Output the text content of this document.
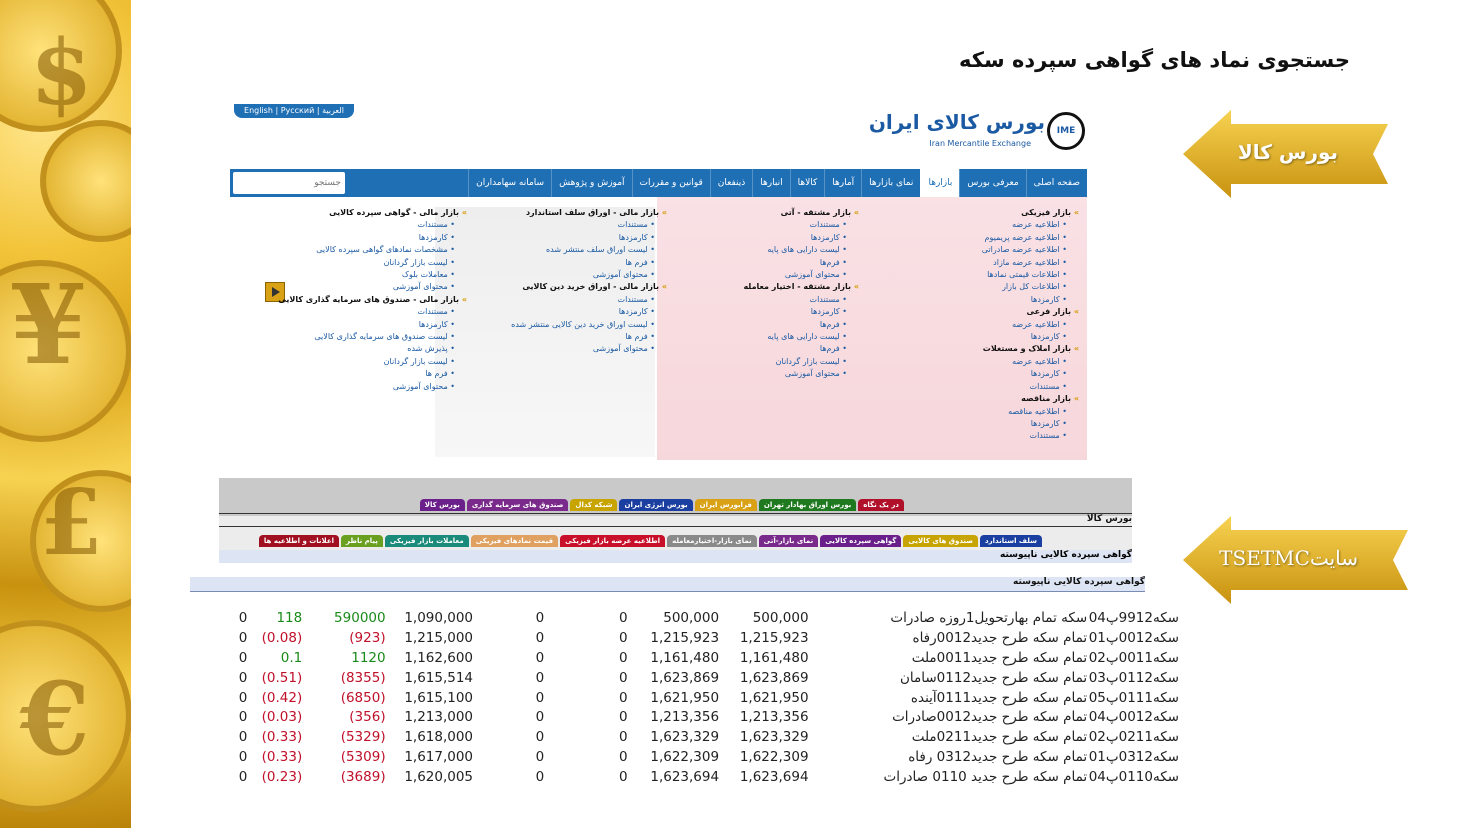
$
¥
£
€
جستجوی نماد های گواهی سپرده سکه
بورس کالا
سایتTSETMC
English | Русский | العربية
IME
بورس کالای ایران
Iran Mercantile Exchange
جستجو
صفحه اصلی
معرفی بورس
بازارها
نمای بازارها
آمارها
کالاها
انبارها
ذینفعان
قوانین و مقررات
آموزش و پژوهش
سامانه سهامداران
» بازار فیزیکی
• اطلاعیه عرضه
• اطلاعیه عرضه پریمیوم
• اطلاعیه عرضه صادراتی
• اطلاعیه عرضه مازاد
• اطلاعات قیمتی نمادها
• اطلاعات کل بازار
• کارمزدها
» بازار فرعی
• اطلاعیه عرضه
• کارمزدها
» بازار املاک و مستغلات
• اطلاعیه عرضه
• کارمزدها
• مستندات
» بازار مناقصه
• اطلاعیه مناقصه
• کارمزدها
• مستندات
» بازار مشتقه - آتی
• مستندات
• کارمزدها
• لیست دارایی های پایه
• فرم‌ها
• محتوای آموزشی
» بازار مشتقه - اختیار معامله
• مستندات
• کارمزدها
• فرم‌ها
• لیست دارایی های پایه
• فرم‌ها
• لیست بازار گردانان
• محتوای آموزشی
» بازار مالی - اوراق سلف استاندارد
• مستندات
• کارمزدها
• لیست اوراق سلف منتشر شده
• فرم ها
• محتوای آموزشی
» بازار مالی - اوراق خرید دین کالایی
• مستندات
• کارمزدها
• لیست اوراق خرید دین کالایی منتشر شده
• فرم ها
• محتوای آموزشی
» بازار مالی - گواهی سپرده کالایی
• مستندات
• کارمزدها
• مشخصات نمادهای گواهی سپرده کالایی
• لیست بازار گردانان
• معاملات بلوک
• محتوای آموزشی
» بازار مالی - صندوق های سرمایه گذاری کالایی
• مستندات
• کارمزدها
• لیست صندوق های سرمایه گذاری کالایی
• پذیرش شده
• لیست بازار گردانان
• فرم ها
• محتوای آموزشی
در یک نگاه
بورس اوراق بهادار تهران
فرابورس ایران
بورس انرژی ایران
شبکه کدال
صندوق های سرمایه گذاری
بورس کالا
بورس کالا
سلف استاندارد
صندوق های کالایی
گواهی سپرده کالایی
نمای بازار-آتی
نمای بازار-اختیارمعامله
اطلاعیه عرضه بازار فیزیکی
قیمت نمادهای فیزیکی
معاملات بازار فیزیکی
پیام ناظر
اعلانات و اطلاعیه ها
گواهی سپرده کالایی ناپیوسته
گواهی سپرده کالایی ناپیوسته
0	118	590000	1,090,000	0	0	500,000	500,000	سکه تمام بهارتحویل1روزه صادرات	سکه9912پ04
0	(0.08)	(923)	1,215,000	0	0	1,215,923	1,215,923	تمام سکه طرح جدید0012رفاه	سکه0012پ01
0	0.1	1120	1,162,600	0	0	1,161,480	1,161,480	تمام سکه طرح جدید0011ملت	سکه0011پ02
0	(0.51)	(8355)	1,615,514	0	0	1,623,869	1,623,869	تمام سکه طرح جدید0112سامان	سکه0112پ03
0	(0.42)	(6850)	1,615,100	0	0	1,621,950	1,621,950	تمام سکه طرح جدید0111آینده	سکه0111پ05
0	(0.03)	(356)	1,213,000	0	0	1,213,356	1,213,356	تمام سکه طرح جدید0012صادرات	سکه0012پ04
0	(0.33)	(5329)	1,618,000	0	0	1,623,329	1,623,329	تمام سکه طرح جدید0211ملت	سکه0211پ02
0	(0.33)	(5309)	1,617,000	0	0	1,622,309	1,622,309	تمام سکه طرح جدید0312 رفاه	سکه0312پ01
0	(0.23)	(3689)	1,620,005	0	0	1,623,694	1,623,694	تمام سکه طرح جدید 0110 صادرات	سکه0110پ04
